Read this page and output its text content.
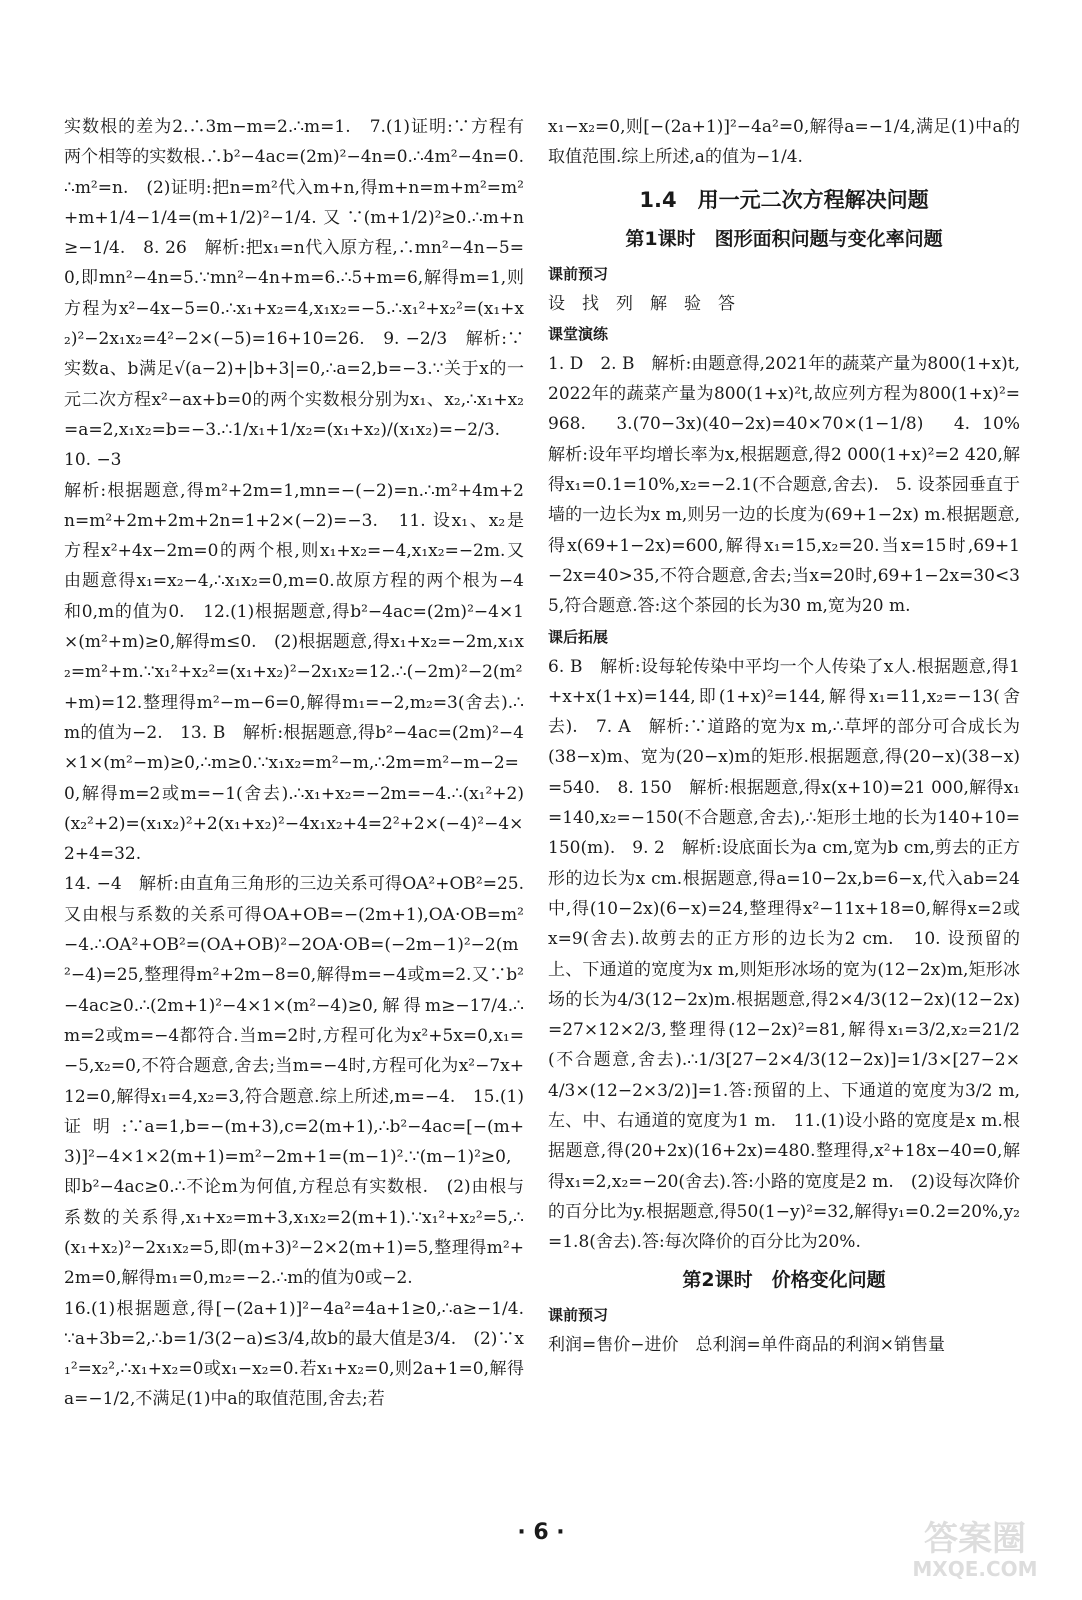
实数根的差为2.∴3m−m=2.∴m=1.　7.(1)证明:∵方程有两个相等的实数根.∴b²−4ac=(2m)²−4n=0.∴4m²−4n=0.∴m²=n.　(2)证明:把n=m²代入m+n,得m+n=m+m²=m²+m+1/4−1/4=(m+1/2)²−1/4.又∵(m+1/2)²≥0.∴m+n≥−1/4.　8. 26　解析:把x₁=n代入原方程,∴mn²−4n−5=0,即mn²−4n=5.∵mn²−4n+m=6.∴5+m=6,解得m=1,则方程为x²−4x−5=0.∴x₁+x₂=4,x₁x₂=−5.∴x₁²+x₂²=(x₁+x₂)²−2x₁x₂=4²−2×(−5)=16+10=26.　9. −2/3　解析:∵实数a、b满足√(a−2)+|b+3|=0,∴a=2,b=−3.∵关于x的一元二次方程x²−ax+b=0的两个实数根分别为x₁、x₂,∴x₁+x₂=a=2,x₁x₂=b=−3.∴1/x₁+1/x₂=(x₁+x₂)/(x₁x₂)=−2/3.　10. −3

解析:根据题意,得m²+2m=1,mn=−(−2)=n.∴m²+4m+2n=m²+2m+2m+2n=1+2×(−2)=−3.　11. 设x₁、x₂是方程x²+4x−2m=0的两个根,则x₁+x₂=−4,x₁x₂=−2m.又由题意得x₁=x₂−4,∴x₁x₂=0,m=0.故原方程的两个根为−4和0,m的值为0.　12.(1)根据题意,得b²−4ac=(2m)²−4×1×(m²+m)≥0,解得m≤0.　(2)根据题意,得x₁+x₂=−2m,x₁x₂=m²+m.∵x₁²+x₂²=(x₁+x₂)²−2x₁x₂=12.∴(−2m)²−2(m²+m)=12.整理得m²−m−6=0,解得m₁=−2,m₂=3(舍去).∴m的值为−2.　13. B　解析:根据题意,得b²−4ac=(2m)²−4×1×(m²−m)≥0,∴m≥0.∵x₁x₂=m²−m,∴2m=m²−m−2=0,解得m=2或m=−1(舍去).∴x₁+x₂=−2m=−4.∴(x₁²+2)(x₂²+2)=(x₁x₂)²+2(x₁+x₂)²−4x₁x₂+4=2²+2×(−4)²−4×2+4=32.

14. −4　解析:由直角三角形的三边关系可得OA²+OB²=25.又由根与系数的关系可得OA+OB=−(2m+1),OA·OB=m²−4.∴OA²+OB²=(OA+OB)²−2OA·OB=(−2m−1)²−2(m²−4)=25,整理得m²+2m−8=0,解得m=−4或m=2.又∵b²−4ac≥0.∴(2m+1)²−4×1×(m²−4)≥0,解得m≥−17/4.∴m=2或m=−4都符合.当m=2时,方程可化为x²+5x=0,x₁=−5,x₂=0,不符合题意,舍去;当m=−4时,方程可化为x²−7x+12=0,解得x₁=4,x₂=3,符合题意.综上所述,m=−4.　15.(1)证明:∵a=1,b=−(m+3),c=2(m+1),∴b²−4ac=[−(m+3)]²−4×1×2(m+1)=m²−2m+1=(m−1)².∵(m−1)²≥0,即b²−4ac≥0.∴不论m为何值,方程总有实数根.　(2)由根与系数的关系得,x₁+x₂=m+3,x₁x₂=2(m+1).∵x₁²+x₂²=5,∴(x₁+x₂)²−2x₁x₂=5,即(m+3)²−2×2(m+1)=5,整理得m²+2m=0,解得m₁=0,m₂=−2.∴m的值为0或−2.

16.(1)根据题意,得[−(2a+1)]²−4a²=4a+1≥0,∴a≥−1/4.∵a+3b=2,∴b=1/3(2−a)≤3/4,故b的最大值是3/4.　(2)∵x₁²=x₂²,∴x₁+x₂=0或x₁−x₂=0.若x₁+x₂=0,则2a+1=0,解得a=−1/2,不满足(1)中a的取值范围,舍去;若

x₁−x₂=0,则[−(2a+1)]²−4a²=0,解得a=−1/4,满足(1)中a的取值范围.综上所述,a的值为−1/4.

1.4　用一元二次方程解决问题
第1课时　图形面积问题与变化率问题
课前预习

设　找　列　解　验　答

课堂演练

1. D　2. B　解析:由题意得,2021年的蔬菜产量为800(1+x)t,2022年的蔬菜产量为800(1+x)²t,故应列方程为800(1+x)²=968.　3.(70−3x)(40−2x)=40×70×(1−1/8)　4. 10%　解析:设年平均增长率为x,根据题意,得2 000(1+x)²=2 420,解得x₁=0.1=10%,x₂=−2.1(不合题意,舍去).　5. 设茶园垂直于墙的一边长为x m,则另一边的长度为(69+1−2x) m.根据题意,得x(69+1−2x)=600,解得x₁=15,x₂=20.当x=15时,69+1−2x=40>35,不符合题意,舍去;当x=20时,69+1−2x=30<35,符合题意.答:这个茶园的长为30 m,宽为20 m.

课后拓展

6. B　解析:设每轮传染中平均一个人传染了x人.根据题意,得1+x+x(1+x)=144,即(1+x)²=144,解得x₁=11,x₂=−13(舍去).　7. A　解析:∵道路的宽为x m,∴草坪的部分可合成长为(38−x)m、宽为(20−x)m的矩形.根据题意,得(20−x)(38−x)=540.　8. 150　解析:根据题意,得x(x+10)=21 000,解得x₁=140,x₂=−150(不合题意,舍去),∴矩形土地的长为140+10=150(m).　9. 2　解析:设底面长为a cm,宽为b cm,剪去的正方形的边长为x cm.根据题意,得a=10−2x,b=6−x,代入ab=24中,得(10−2x)(6−x)=24,整理得x²−11x+18=0,解得x=2或x=9(舍去).故剪去的正方形的边长为2 cm.　10. 设预留的上、下通道的宽度为x m,则矩形冰场的宽为(12−2x)m,矩形冰场的长为4/3(12−2x)m.根据题意,得2×4/3(12−2x)(12−2x)=27×12×2/3,整理得(12−2x)²=81,解得x₁=3/2,x₂=21/2(不合题意,舍去).∴1/3[27−2×4/3(12−2x)]=1/3×[27−2×4/3×(12−2×3/2)]=1.答:预留的上、下通道的宽度为3/2 m,左、中、右通道的宽度为1 m.　11.(1)设小路的宽度是x m.根据题意,得(20+2x)(16+2x)=480.整理得,x²+18x−40=0,解得x₁=2,x₂=−20(舍去).答:小路的宽度是2 m.　(2)设每次降价的百分比为y.根据题意,得50(1−y)²=32,解得y₁=0.2=20%,y₂=1.8(舍去).答:每次降价的百分比为20%.

第2课时　价格变化问题
课前预习

利润=售价−进价　总利润=单件商品的利润×销售量

· 6 ·	答案圈
MXQE.COM
